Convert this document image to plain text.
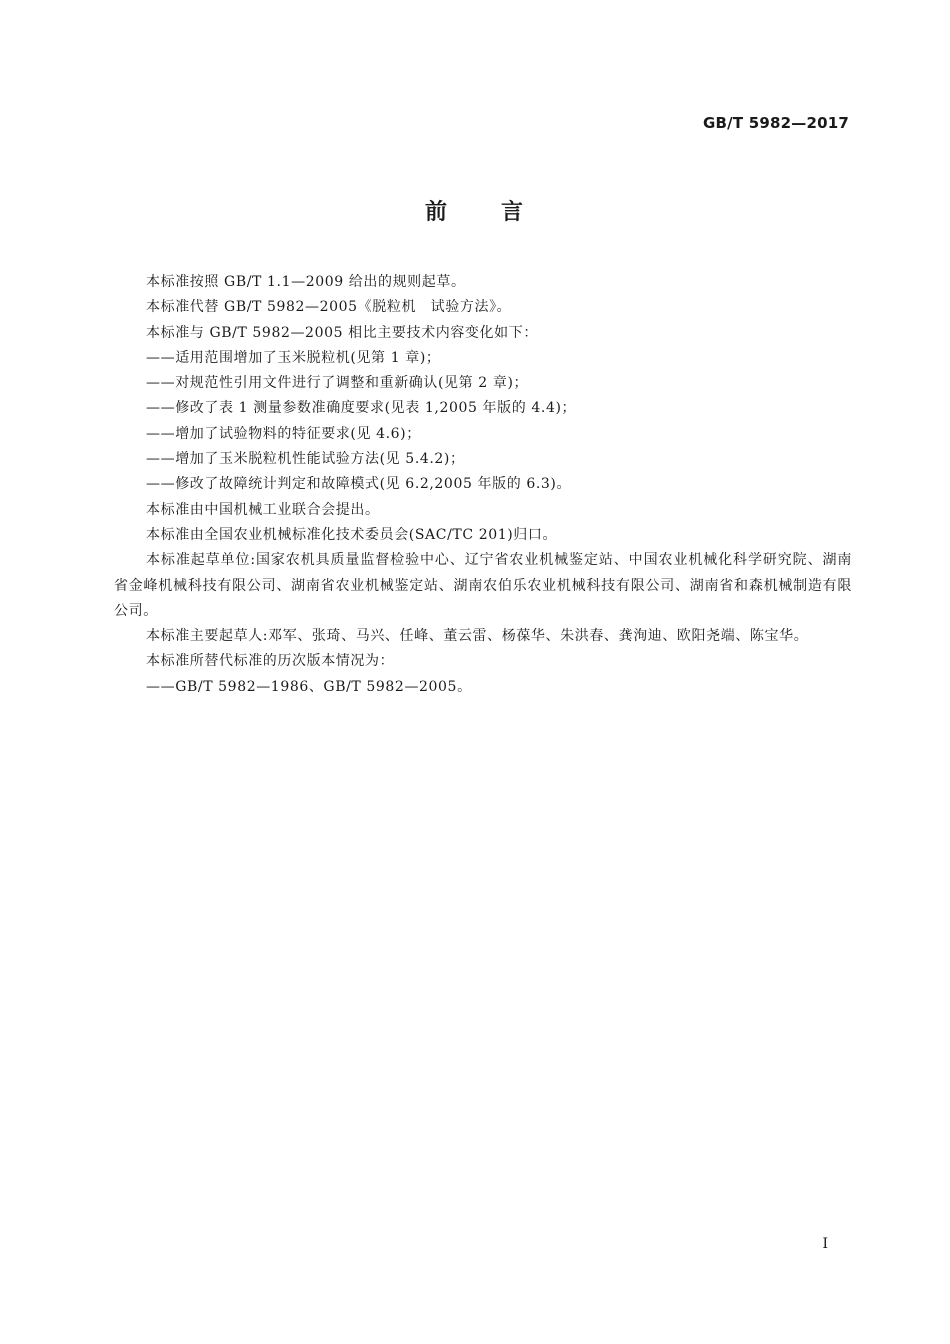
GB/T 5982—2017
前 言

本标准按照 GB/T 1.1—2009 给出的规则起草。

本标准代替 GB/T 5982—2005《脱粒机　试验方法》。

本标准与 GB/T 5982—2005 相比主要技术内容变化如下：

——适用范围增加了玉米脱粒机(见第 1 章)；

——对规范性引用文件进行了调整和重新确认(见第 2 章)；

——修改了表 1 测量参数准确度要求(见表 1,2005 年版的 4.4)；

——增加了试验物料的特征要求(见 4.6)；

——增加了玉米脱粒机性能试验方法(见 5.4.2)；

——修改了故障统计判定和故障模式(见 6.2,2005 年版的 6.3)。

本标准由中国机械工业联合会提出。

本标准由全国农业机械标准化技术委员会(SAC/TC 201)归口。

本标准起草单位:国家农机具质量监督检验中心、辽宁省农业机械鉴定站、中国农业机械化科学研究院、湖南省金峰机械科技有限公司、湖南省农业机械鉴定站、湖南农伯乐农业机械科技有限公司、湖南省和森机械制造有限公司。

本标准主要起草人:邓军、张琦、马兴、任峰、董云雷、杨葆华、朱洪春、龚洵迪、欧阳尧端、陈宝华。

本标准所替代标准的历次版本情况为：

——GB/T 5982—1986、GB/T 5982—2005。

I
